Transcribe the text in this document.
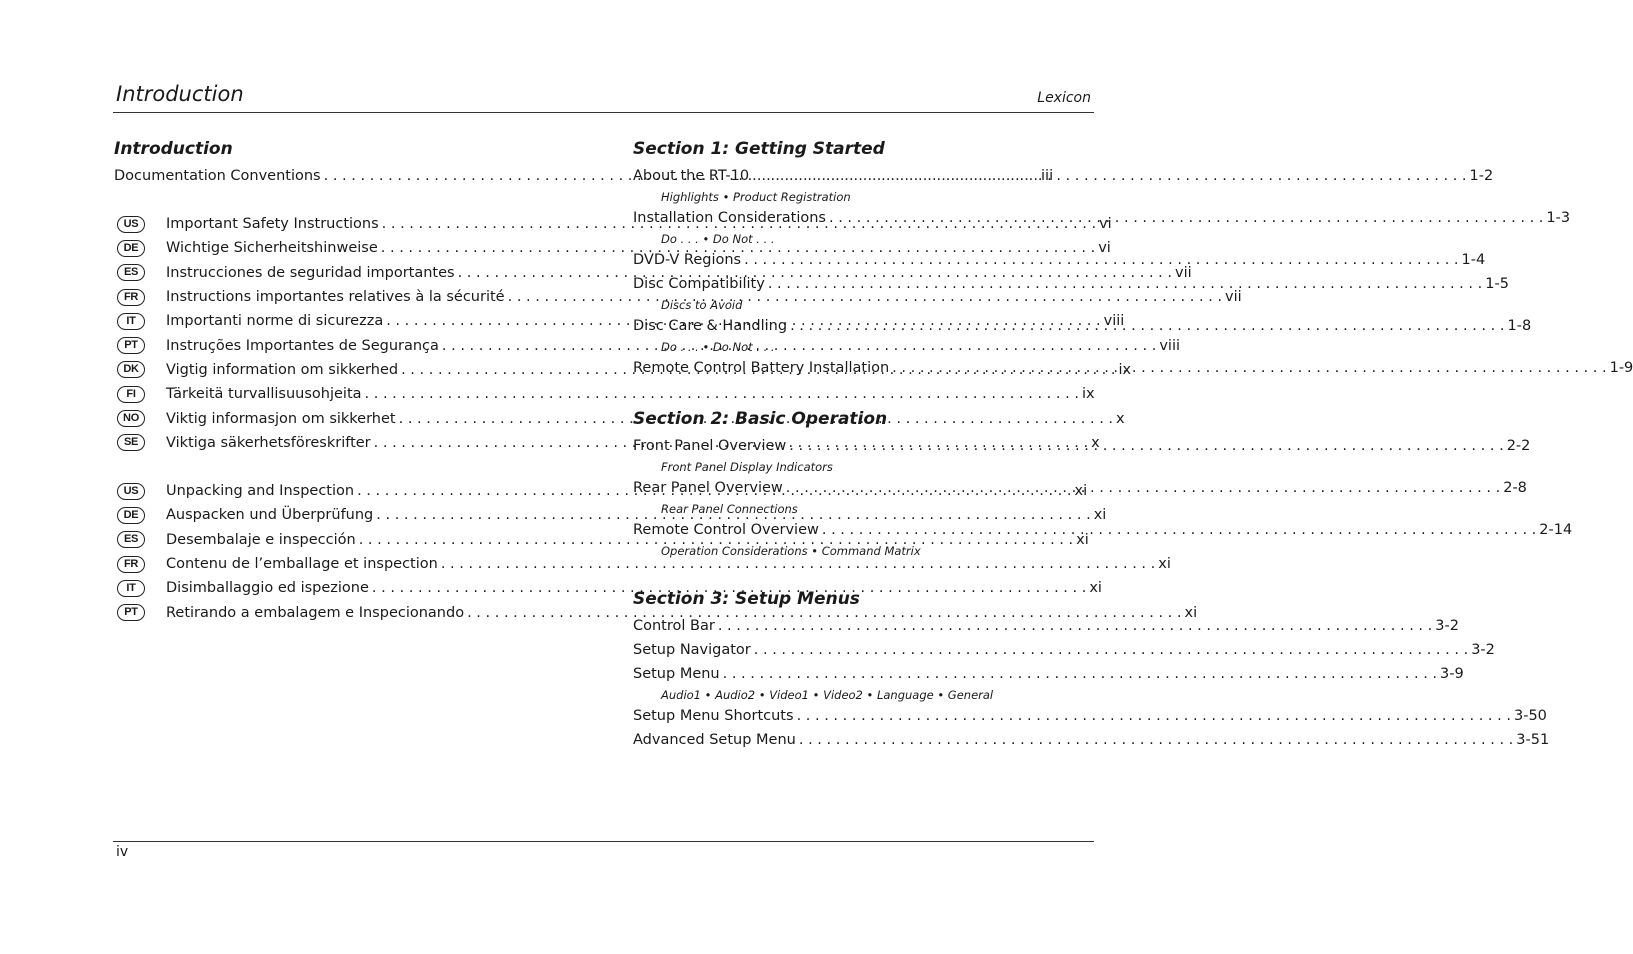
Introduction	Lexicon
Introduction
Documentation Conventions . . .	iii
US	Important Safety Instructions . . .	vi
DE	Wichtige Sicherheitshinweise . . .	vi
ES	Instrucciones de seguridad importantes . . .	vii
FR	Instructions importantes relatives à la sécurité . . .	vii
IT	Importanti norme di sicurezza . . .	viii
PT	Instruções Importantes de Segurança . . .	viii
DK	Vigtig information om sikkerhed . . .	ix
FI	Tärkeitä turvallisuusohjeita . . .	ix
NO	Viktig informasjon om sikkerhet . . .	x
SE	Viktiga säkerhetsföreskrifter . . .	x
US	Unpacking and Inspection . . .	xi
DE	Auspacken und Überprüfung . . .	xi
ES	Desembalaje e inspección . . .	xi
FR	Contenu de l’emballage et inspection . . .	xi
IT	Disimballaggio ed ispezione . . .	xi
PT	Retirando a embalagem e Inspecionando . . .	xi
Section 1: Getting Started
About the RT-10 . . .	1-2
Highlights • Product Registration
Installation Considerations . . .	1-3
Do . . . • Do Not . . .
DVD-V Regions . . .	1-4
Disc Compatibility . . .	1-5
Discs to Avoid
Disc Care & Handling . . .	1-8
Do . . . • Do Not . . .
Remote Control Battery Installation . . .	1-9
Section 2: Basic Operation
Front Panel Overview . . .	2-2
Front Panel Display Indicators
Rear Panel Overview . . .	2-8
Rear Panel Connections
Remote Control Overview . . .	2-14
Operation Considerations • Command Matrix
Section 3: Setup Menus
Control Bar . . .	3-2
Setup Navigator . . .	3-2
Setup Menu . . .	3-9
Audio1 • Audio2 • Video1 • Video2 • Language • General
Setup Menu Shortcuts . . .	3-50
Advanced Setup Menu . . .	3-51
iv
